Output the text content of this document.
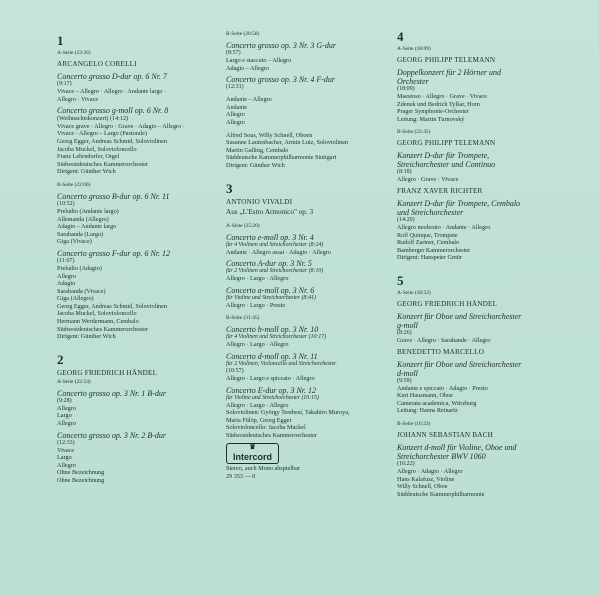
1
A-Seite (23:36)
ARCANGELO CORELLI
Concerto grosso D-dur op. 6 Nr. 7
(9:17)
Vivace – Allegro · Allegro · Andante largo ·
Allegro · Vivace
Concerto grosso g-moll op. 6 Nr. 8
(Weihnachtskonzert) (14:12)
Vivace grave · Allegro · Grave · Adagio – Allegro ·
Vivace · Allegro – Largo (Pastorale)
Georg Egger, Andreas Schmid, Soloviolinen
Jacoba Muckel, Solovioloncello
Franz Lehrndorfer, Orgel
Südwestdeutsches Kammerorchester
Dirigent: Günther Wich
B-Seite (22:06)
Concerto grosso B-dur op. 6 Nr. 11
(10:52)
Preludio (Andante largo)
Allemanda (Allegro)
Adagio – Andante largo
Sarabanda (Largo)
Giga (Vivace)
Concerto grosso F-dur op. 6 Nr. 12
(11:07)
Preludio (Adagio)
Allegro
Adagio
Sarabanda (Vivace)
Giga (Allegro)
Georg Egger, Andreas Schmid, Soloviolinen
Jacoba Muckel, Solovioloncello
Hermann Werdermann, Cembalo
Südwestdeutsches Kammerorchester
Dirigent: Günther Wich
2
GEORG FRIEDRICH HÄNDEL
A-Seite (22:24)
Concerto grosso op. 3 Nr. 1 B-dur
(9:28)
Allegro
Largo
Allegro
Concerto grosso op. 3 Nr. 2 B-dur
(12:33)
Vivace
Largo
Allegro
Ohne Bezeichnung
Ohne Bezeichnung
B-Seite (20:58)
Concerto grosso op. 3 Nr. 3 G-dur
(8:57)
Largo e staccato – Allegro
Adagio – Allegro
Concerto grosso op. 3 Nr. 4 F-dur
(12:31)
Andante – Allegro
Andante
Allegro
Allegro
Alfred Sous, Willy Schnell, Oboen
Susanne Lautenbacher, Armin Lutz, Soloviolinen
Martin Galling, Cembalo
Süddeutsche Kammerphilharmonie Stuttgart
Dirigent: Günther Wich
3
ANTONIO VIVALDI
Aus „L'Estro Armonico" op. 3
A-Seite (25:20)
Concerto e-moll op. 3 Nr. 4
für 4 Violinen und Streichorchester (8:24)
Andante · Allegro assai · Adagio · Allegro
Concerto A-dur op. 3 Nr. 5
für 2 Violinen und Streichorchester (8:10)
Allegro · Largo · Allegro
Concerto a-moll op. 3 Nr. 6
für Violine und Streichorchester (8:41)
Allegro · Largo · Presto
B-Seite (31:45)
Concerto h-moll op. 3 Nr. 10
für 4 Violinen und Streichorchester (10:17)
Allegro · Largo · Allegro
Concerto d-moll op. 3 Nr. 11
für 2 Violinen, Violoncello und Streichorchester
(10:57)
Allegro · Largo e spiccato · Allegro
Concerto E-dur op. 3 Nr. 12
für Violine und Streichorchester (10:15)
Allegro · Largo · Allegro
Soloviolinen: György Terebesi, Takahiro Muroya,
Maria Fülöp, Georg Egger
Solovioloncello: Jacoba Muckel
Südwestdeutsches Kammerorchester
♛
Intercord
Stereo, auch Mono abspielbar
29 353 — 0
4
A-Seite (18:09)
GEORG PHILIPP TELEMANN
Doppelkonzert für 2 Hörner und
Orchester
(18:09)
Maestoso · Allegro · Grave · Vivace
Zdenek und Bedrich Tylšar, Horn
Prager Symphonie-Orchester
Leitung: Martin Turnovský
B-Seite (22:45)
GEORG PHILIPP TELEMANN
Konzert D-dur für Trompete,
Streichorchester und Continuo
(8:18)
Allegro · Grave · Vivace
FRANZ XAVER RICHTER
Konzert D-dur für Trompete, Cembalo
und Streichorchester
(14:20)
Allegro moderato · Andante · Allegro
Rolf Quinque, Trompete
Rudolf Zartner, Cembalo
Bamberger Kammerorchester
Dirigent: Hanspeter Gmür
5
A-Seite (18:32)
GEORG FRIEDRICH HÄNDEL
Konzert für Oboe und Streichorchester
g-moll
(8:26)
Grave · Allegro · Sarabande · Allegro
BENEDETTO MARCELLO
Konzert für Oboe und Streichorchester
d-moll
(9:59)
Andante e spiccato · Adagio · Presto
Kurt Hausmann, Oboe
Camerata academica, Würzburg
Leitung: Hanns Reinartz
B-Seite (16:22)
JOHANN SEBASTIAN BACH
Konzert d-moll für Violine, Oboe und
Streichorchester BWV 1060
(16:22)
Allegro · Adagio · Allegro
Hans Kalafusz, Violine
Willy Schnell, Oboe
Süddeutsche Kammerphilharmonie
